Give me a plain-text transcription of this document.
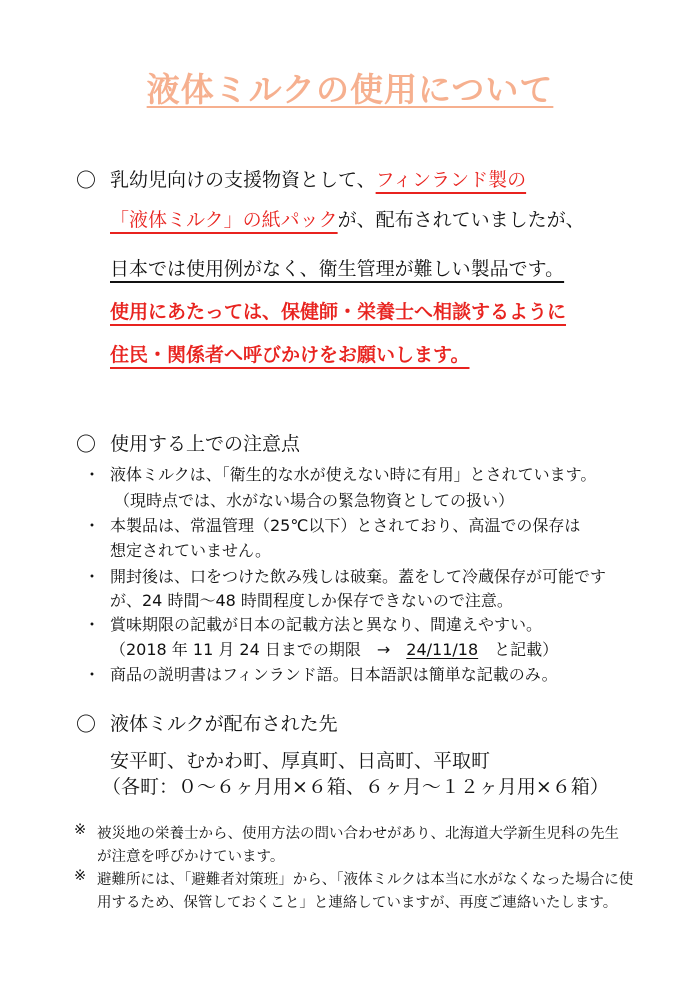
液体ミルクの使用について
〇 乳幼児向けの支援物資として、フィンランド製の
「液体ミルク」の紙パックが、配布されていましたが、
日本では使用例がなく、衛生管理が難しい製品です。
使用にあたっては、保健師・栄養士へ相談するように
住民・関係者へ呼びかけをお願いします。
〇 使用する上での注意点
・ 液体ミルクは、「衛生的な水が使えない時に有用」とされています。
（現時点では、水がない場合の緊急物資としての扱い）
・ 本製品は、常温管理（25℃以下）とされており、高温での保存は
想定されていません。
・ 開封後は、口をつけた飲み残しは破棄。蓋をして冷蔵保存が可能です
が、24 時間～48 時間程度しか保存できないので注意。
・ 賞味期限の記載が日本の記載方法と異なり、間違えやすい。
（2018 年 11 月 24 日までの期限　→　24/11/18　 と記載）
・ 商品の説明書はフィンランド語。日本語訳は簡単な記載のみ。
〇 液体ミルクが配布された先
安平町、むかわ町、厚真町、日高町、平取町
（各町：０～６ヶ月用×６箱、６ヶ月～１２ヶ月用×６箱）
※ 被災地の栄養士から、使用方法の問い合わせがあり、北海道大学新生児科の先生
が注意を呼びかけています。
※ 避難所には、「避難者対策班」から、「液体ミルクは本当に水がなくなった場合に使
用するため、保管しておくこと」と連絡していますが、再度ご連絡いたします。
